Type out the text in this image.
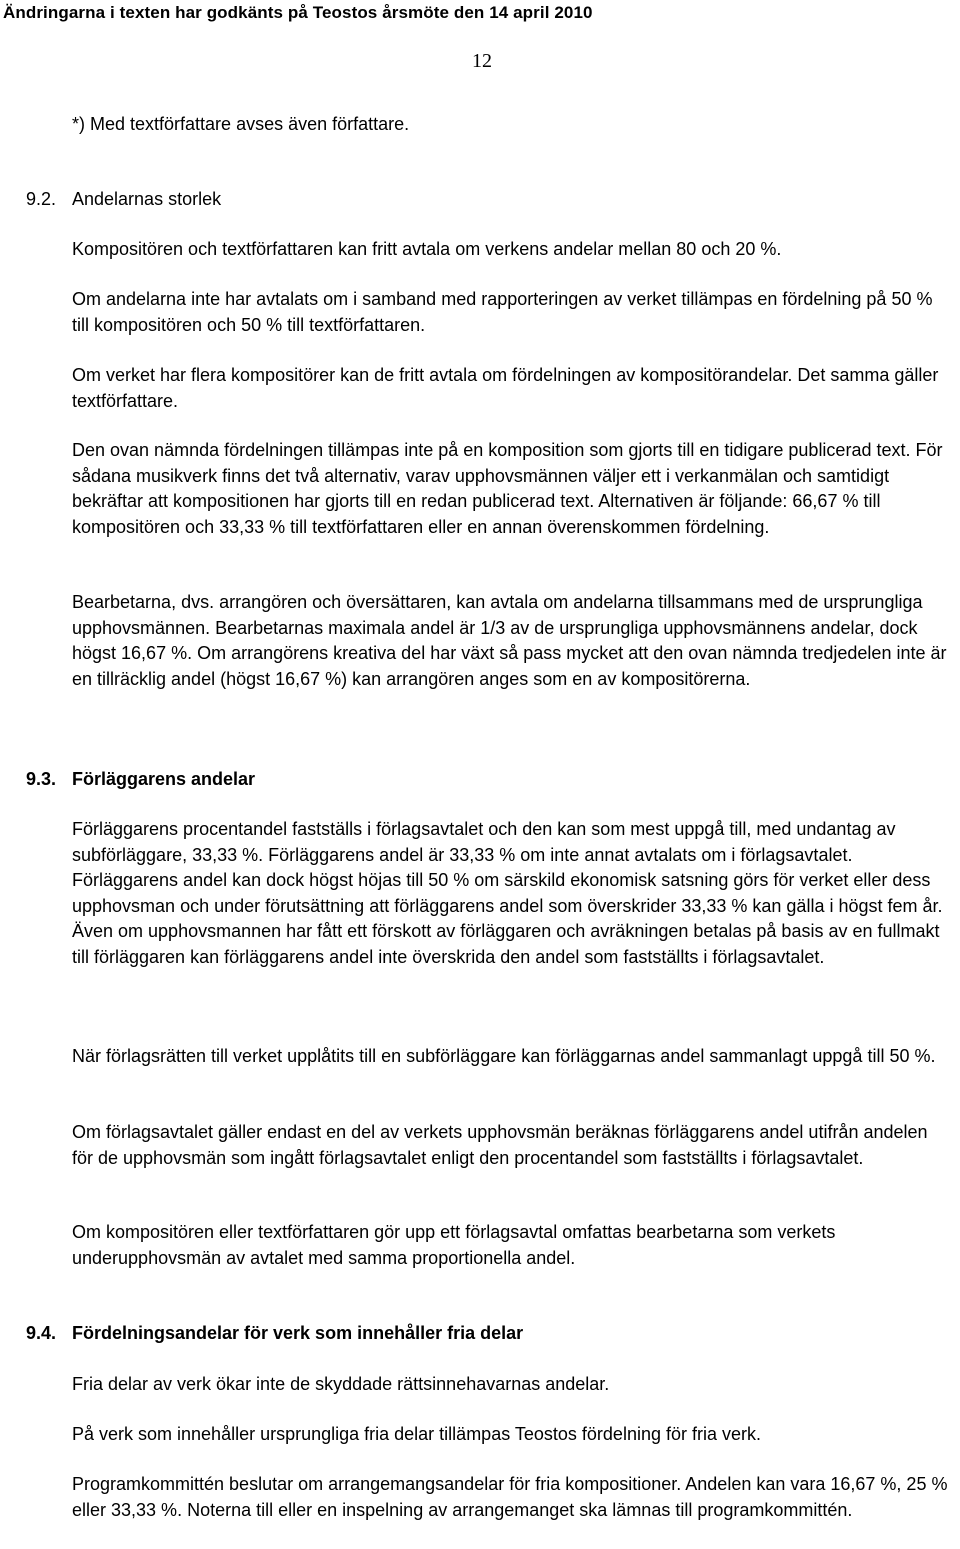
Ändringarna i texten har godkänts på Teostos årsmöte den 14 april 2010
12

*) Med textförfattare avses även författare.

9.2. Andelarnas storlek

Kompositören och textförfattaren kan fritt avtala om verkens andelar mellan 80 och 20 %.

Om andelarna inte har avtalats om i samband med rapporteringen av verket tillämpas en fördelning på 50 % till kompositören och 50 % till textförfattaren.

Om verket har flera kompositörer kan de fritt avtala om fördelningen av kompositörandelar. Det samma gäller textförfattare.

Den ovan nämnda fördelningen tillämpas inte på en komposition som gjorts till en tidigare publicerad text. För sådana musikverk finns det två alternativ, varav upphovsmännen väljer ett i verkanmälan och samtidigt bekräftar att kompositionen har gjorts till en redan publicerad text. Alternativen är följande: 66,67 % till kompositören och 33,33 % till textförfattaren eller en annan överenskommen fördelning.

Bearbetarna, dvs. arrangören och översättaren, kan avtala om andelarna tillsammans med de ursprungliga upphovsmännen. Bearbetarnas maximala andel är 1/3 av de ursprungliga upphovsmännens andelar, dock högst 16,67 %. Om arrangörens kreativa del har växt så pass mycket att den ovan nämnda tredjedelen inte är en tillräcklig andel (högst 16,67 %) kan arrangören anges som en av kompositörerna.

9.3. Förläggarens andelar

Förläggarens procentandel fastställs i förlagsavtalet och den kan som mest uppgå till, med undantag av subförläggare, 33,33 %. Förläggarens andel är 33,33 % om inte annat avtalats om i förlagsavtalet. Förläggarens andel kan dock högst höjas till 50 % om särskild ekonomisk satsning görs för verket eller dess upphovsman och under förutsättning att förläggarens andel som överskrider 33,33 % kan gälla i högst fem år. Även om upphovsmannen har fått ett förskott av förläggaren och avräkningen betalas på basis av en fullmakt till förläggaren kan förläggarens andel inte överskrida den andel som fastställts i förlagsavtalet.

När förlagsrätten till verket upplåtits till en subförläggare kan förläggarnas andel sammanlagt uppgå till 50 %.

Om förlagsavtalet gäller endast en del av verkets upphovsmän beräknas förläggarens andel utifrån andelen för de upphovsmän som ingått förlagsavtalet enligt den procentandel som fastställts i förlagsavtalet.

Om kompositören eller textförfattaren gör upp ett förlagsavtal omfattas bearbetarna som verkets underupphovsmän av avtalet med samma proportionella andel.

9.4. Fördelningsandelar för verk som innehåller fria delar

Fria delar av verk ökar inte de skyddade rättsinnehavarnas andelar.

På verk som innehåller ursprungliga fria delar tillämpas Teostos fördelning för fria verk.

Programkommittén beslutar om arrangemangsandelar för fria kompositioner. Andelen kan vara 16,67 %, 25 % eller 33,33 %. Noterna till eller en inspelning av arrangemanget ska lämnas till programkommittén.
